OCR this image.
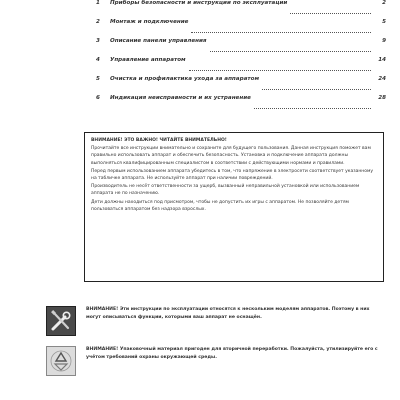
1	Приборы безопасности и инструкции по эксплуатации	2
2	Монтаж и подключение	5
3	Описание панели управления	9
4	Управление аппаратом	14
5	Очистка и профилактика ухода за аппаратом	24
6	Индикация неисправности и их устранение	28

ВНИМАНИЕ! ЭТО ВАЖНО! ЧИТАЙТЕ ВНИМАТЕЛЬНО!

Прочитайте все инструкции внимательно и сохраните для будущего пользования. Данная инструкция поможет вам правильно использовать аппарат и обеспечить безопасность. Установка и подключение аппарата должны выполняться квалифицированным специалистом в соответствии с действующими нормами и правилами.

Перед первым использованием аппарата убедитесь в том, что напряжение в электросети соответствует указанному на табличке аппарата. Не используйте аппарат при наличии повреждений.

Производитель не несёт ответственности за ущерб, вызванный неправильной установкой или использованием аппарата не по назначению.

Дети должны находиться под присмотром, чтобы не допустить их игры с аппаратом. Не позволяйте детям пользоваться аппаратом без надзора взрослых.

ВНИМАНИЕ! Эти инструкции по эксплуатации относятся к нескольким моделям аппаратов. Поэтому в них могут описываться функции, которыми ваш аппарат не оснащён.
ВНИМАНИЕ! Упаковочный материал пригоден для вторичной переработки. Пожалуйста, утилизируйте его с учётом требований охраны окружающей среды.
